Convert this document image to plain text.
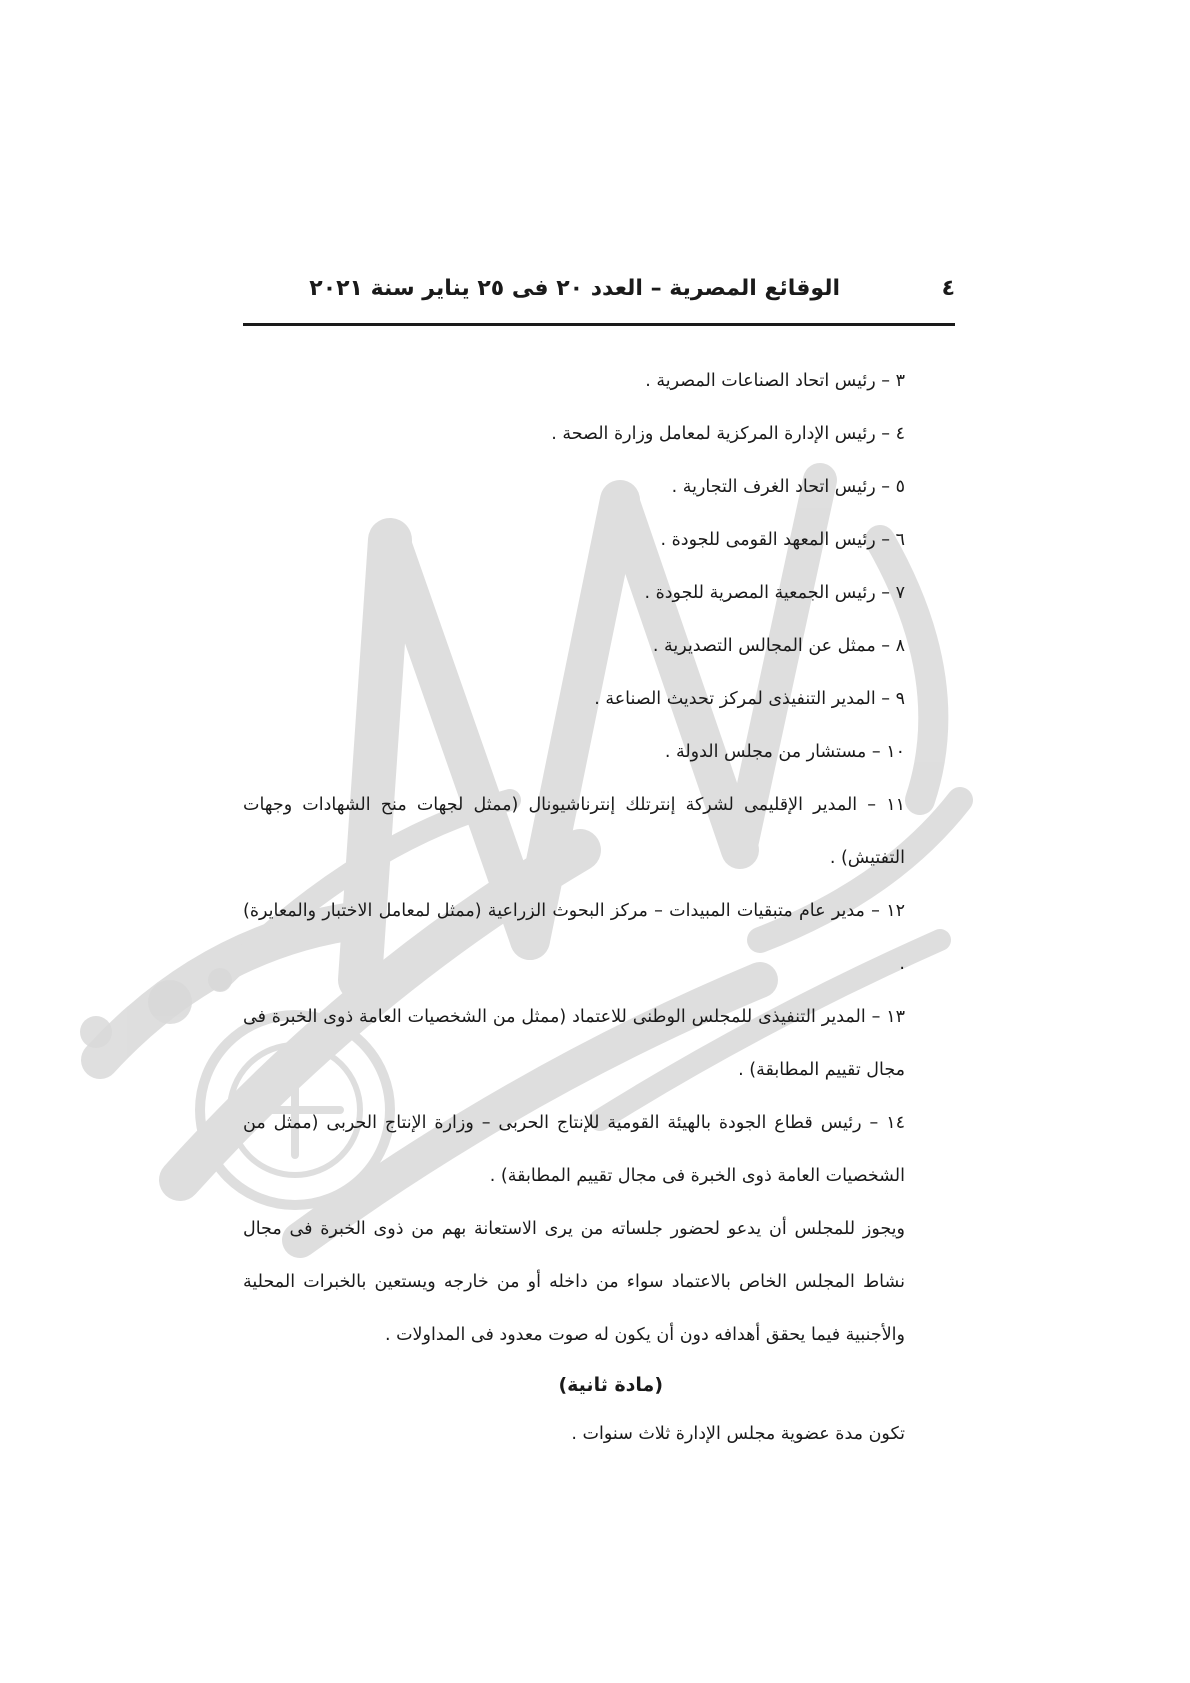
الوقائع المصرية – العدد ٢٠ فى ٢٥ يناير سنة ٢٠٢١	٤

٣ – رئيس اتحاد الصناعات المصرية .

٤ – رئيس الإدارة المركزية لمعامل وزارة الصحة .

٥ – رئيس اتحاد الغرف التجارية .

٦ – رئيس المعهد القومى للجودة .

٧ – رئيس الجمعية المصرية للجودة .

٨ – ممثل عن المجالس التصديرية .

٩ – المدير التنفيذى لمركز تحديث الصناعة .

١٠ – مستشار من مجلس الدولة .

١١ – المدير الإقليمى لشركة إنترتلك إنترناشيونال (ممثل لجهات منح الشهادات وجهات التفتيش) .

١٢ – مدير عام متبقيات المبيدات – مركز البحوث الزراعية (ممثل لمعامل الاختبار والمعايرة) .

١٣ – المدير التنفيذى للمجلس الوطنى للاعتماد (ممثل من الشخصيات العامة ذوى الخبرة فى مجال تقييم المطابقة) .

١٤ – رئيس قطاع الجودة بالهيئة القومية للإنتاج الحربى – وزارة الإنتاج الحربى (ممثل من الشخصيات العامة ذوى الخبرة فى مجال تقييم المطابقة) .

ويجوز للمجلس أن يدعو لحضور جلساته من يرى الاستعانة بهم من ذوى الخبرة فى مجال نشاط المجلس الخاص بالاعتماد سواء من داخله أو من خارجه ويستعين بالخبرات المحلية والأجنبية فيما يحقق أهدافه دون أن يكون له صوت معدود فى المداولات .

(مادة ثانية)

تكون مدة عضوية مجلس الإدارة ثلاث سنوات .
